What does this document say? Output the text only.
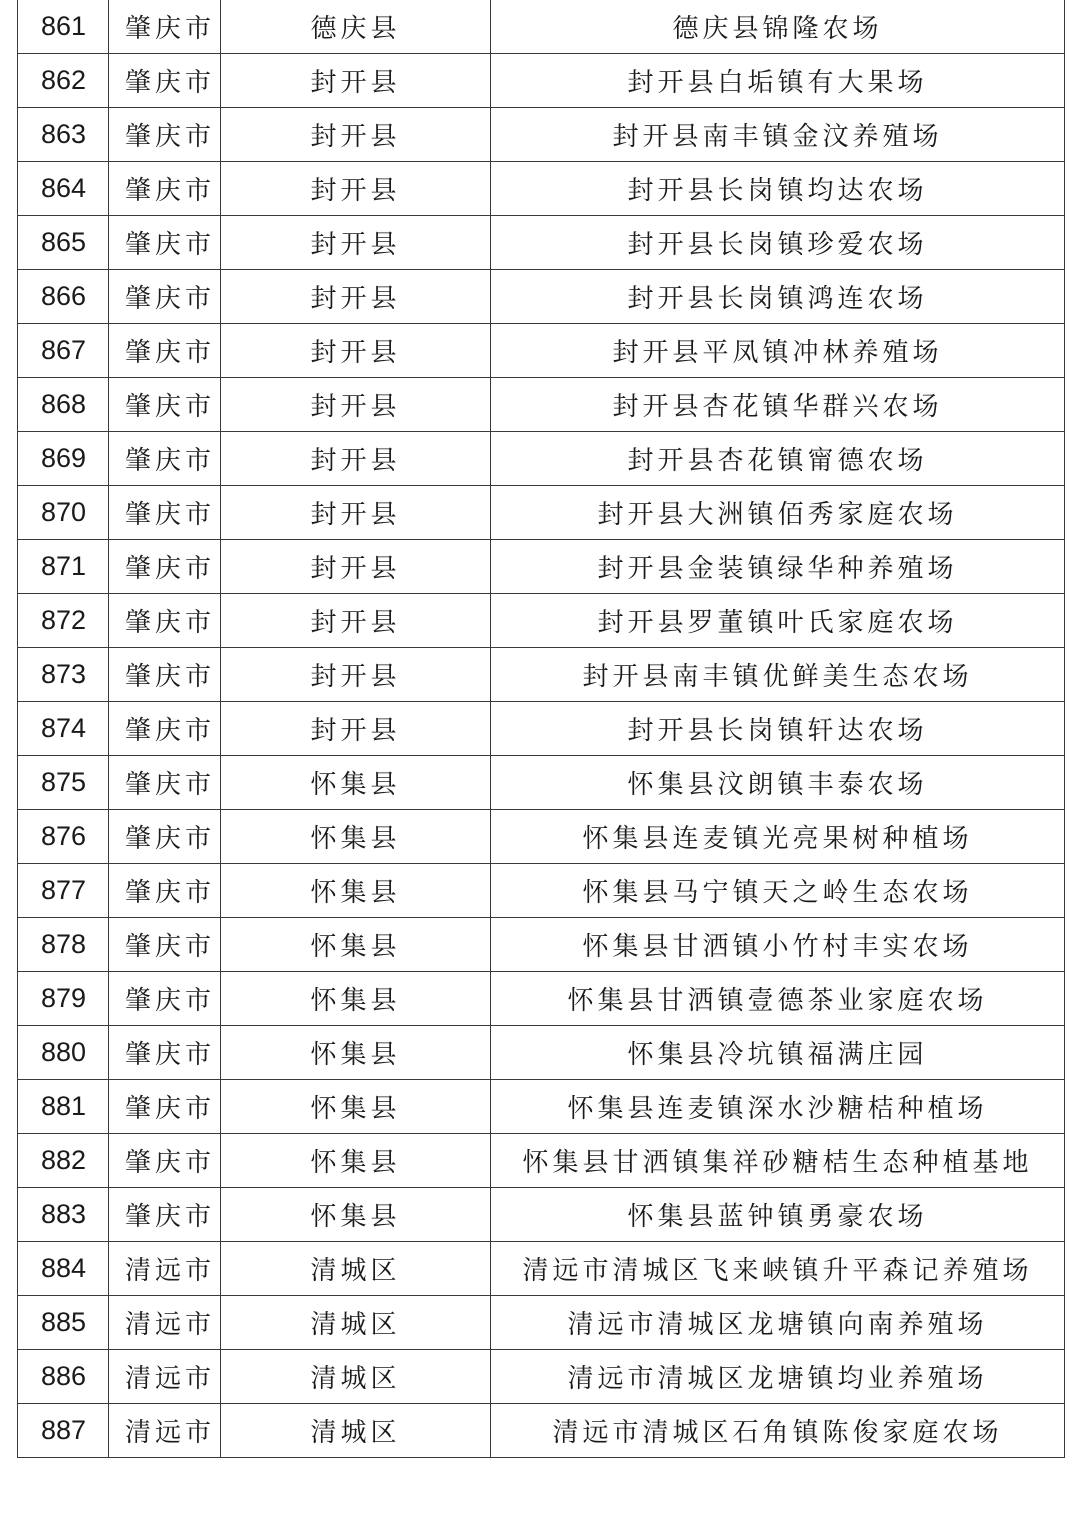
861	肇庆市	德庆县	德庆县锦隆农场
862	肇庆市	封开县	封开县白垢镇有大果场
863	肇庆市	封开县	封开县南丰镇金汶养殖场
864	肇庆市	封开县	封开县长岗镇均达农场
865	肇庆市	封开县	封开县长岗镇珍爱农场
866	肇庆市	封开县	封开县长岗镇鸿连农场
867	肇庆市	封开县	封开县平凤镇冲林养殖场
868	肇庆市	封开县	封开县杏花镇华群兴农场
869	肇庆市	封开县	封开县杏花镇甯德农场
870	肇庆市	封开县	封开县大洲镇佰秀家庭农场
871	肇庆市	封开县	封开县金装镇绿华种养殖场
872	肇庆市	封开县	封开县罗董镇叶氏家庭农场
873	肇庆市	封开县	封开县南丰镇优鲜美生态农场
874	肇庆市	封开县	封开县长岗镇轩达农场
875	肇庆市	怀集县	怀集县汶朗镇丰泰农场
876	肇庆市	怀集县	怀集县连麦镇光亮果树种植场
877	肇庆市	怀集县	怀集县马宁镇天之岭生态农场
878	肇庆市	怀集县	怀集县甘洒镇小竹村丰实农场
879	肇庆市	怀集县	怀集县甘洒镇壹德茶业家庭农场
880	肇庆市	怀集县	怀集县冷坑镇福满庄园
881	肇庆市	怀集县	怀集县连麦镇深水沙糖桔种植场
882	肇庆市	怀集县	怀集县甘洒镇集祥砂糖桔生态种植基地
883	肇庆市	怀集县	怀集县蓝钟镇勇豪农场
884	清远市	清城区	清远市清城区飞来峡镇升平森记养殖场
885	清远市	清城区	清远市清城区龙塘镇向南养殖场
886	清远市	清城区	清远市清城区龙塘镇均业养殖场
887	清远市	清城区	清远市清城区石角镇陈俊家庭农场
